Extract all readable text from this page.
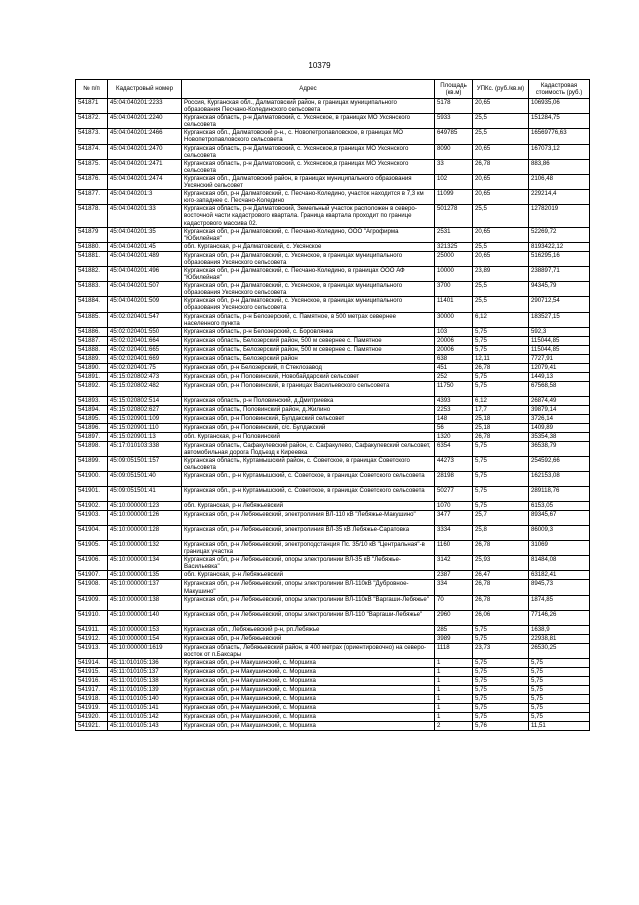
10379
№ п/п	Кадастровый номер	Адрес	Площадь (кв.м)	УПКс. (руб./кв.м)	Кадастровая стоимость (руб.)
541871	45:04:040201:2233	Россия, Курганская обл., Далматовский район, в границах муниципального образования Песчано-Колединского сельсовета	5178	20,65	106935,06
541872.	45:04:040201:2240	Курганская область, р-н Далматовский, с. Уксянское, в границах МО Уксянского сельсовета	5933	25,5	151284,75
541873.	45:04:040201:2466	Курганская обл., Далматовский р-н., с. Новопетропавловское, в границах МО Новопетропавловского сельсовета	649785	25,5	16569776,63
541874.	45:04:040201:2470	Курганская область, р-н Далматовский, с. Уксянское,в границах МО Уксянского сельсовета	8090	20,65	167073,12
541875.	45:04:040201:2471	Курганская область, р-н Далматовский, с. Уксянское,в границах МО Уксянского сельсовета	33	26,78	883,86
541876.	45:04:040201:2474	Курганская обл., Далматовский район, в границах муниципального образования Уксянский сельсовет	102	20,65	2106,48
541877.	45:04:040201:3	Курганская обл, р-н Далматовский, с. Песчано-Коледино, участок находится в 7,3 км юго-западнее с. Песчано-Коледино	11099	20,65	229214,4
541878.	45:04:040201:33	Курганская область, р-н Далматовский, Земельный участок расположен в северо-восточной части кадастрового квартала. Граница квартала проходит по границе кадастрового массива 02.	501278	25,5	12782019
541879	45:04:040201:35	Курганская обл, р-н Далматовский, с. Песчано-Коледино, ООО "Агрофирма "Юбилейная"	2531	20,65	52269,72
541880.	45:04:040201:45	обл. Курганская, р-н Далматовский, с. Уксянское	321325	25,5	8193422,12
541881.	45:04:040201:489	Курганская обл, р-н Далматовский, с. Уксянское, в границах муниципального образования Уксянского сельсовета	25000	20,65	516295,16
541882.	45:04:040201:496	Курганская обл, р-н Далматовский, с. Песчано-Коледино, в границах ООО АФ "Юбилейная"	10000	23,89	238897,71
541883.	45:04:040201:507	Курганская обл, р-н Далматовский, с. Уксянское, в границах муниципального образования Уксянского сельсовета	3700	25,5	94345,79
541884.	45:04:040201:509	Курганская обл, р-н Далматовский, с. Уксянское, в границах муниципального образования Уксянского сельсовета	11401	25,5	290712,54
541885.	45:02:020401:547	Курганская область, р-н Белозерский, с. Памятное, в 500 метрах севернее населенного пункта	30000	6,12	183527,15
541886.	45:02:020401:550	Курганская область, р-н Белозерский, с. Боровлянка	103	5,75	592,3
541887.	45:02:020401:664	Курганская область, Белозерский район, 500 м севернее с. Памятное	20006	5,75	115044,85
541888.	45:02:020401:665	Курганская область, Белозерский район, 500 м севернее с. Памятное	20006	5,75	115044,85
541889.	45:02:020401:669	Курганская область, Белозерский район	638	12,11	7727,91
541890.	45:02:020401:75	Курганская обл, р-н Белозерский, п Стеклозавод	451	26,78	12079,41
541891.	45:15:020802:473	Курганская обл, р-н Половинский, Новобайдарский сельсовет	252	5,75	1449,13
541892.	45:15:020802:482	Курганская обл, р-н Половинский, в границах Васильевского сельсовета	11750	5,75	67568,58
541893.	45:15:020802:514	Курганская область, р-н Половинский, д.Дмитриевка	4393	6,12	26874,49
541894.	45:15:020802:627	Курганская область, Половинский район, д.Жилино	2253	17,7	39879,14
541895.	45:15:020901:109	Курганская обл, р-н Половинский, Булдакский сельсовет	148	25,18	3726,14
541896.	45:15:020901:110	Курганская обл, р-н Половинский, с/с. Булдакский	56	25,18	1409,89
541897.	45:15:020901:13	обл. Курганская, р-н Половинский	1320	26,78	35354,38
541898.	45:17:010103:338	Курганская область, Сафакулевский район, с. Сафакулево, Сафакулевский сельсовет, автомобильная дорога Подъезд к Киреевка	6354	5,75	36538,79
541899.	45:09:051501:157	Курганская область, Куртамышский район, с. Советское, в границах Советского сельсовета	44273	5,75	254592,66
541900.	45:09:051501:40	Курганская обл., р-н Куртамышский, с. Советское, в границах Советского сельсовета	28198	5,75	162153,08
541901.	45:09:051501:41	Курганская обл., р-н Куртамышский, с. Советское, в границах Советского сельсовета	50277	5,75	289118,76
541902.	45:10:000000:123	обл. Курганская, р-н Лебяжьевский	1070	5,75	6153,05
541903.	45:10:000000:126	Курганская обл, р-н Лебяжьевский, электролиния ВЛ-110 кВ "Лебяжье-Макушино"	3477	25,7	89345,67
541904.	45:10:000000:128	Курганская обл, р-н Лебяжьевский, электролиния ВЛ-35 кВ Лебяжье-Саратовка	3334	25,8	86009,3
541905.	45:10:000000:132	Курганская обл, р-н Лебяжьевский, электроподстанция Пс. 35/10 кВ "Центральная"-в границах участка	1160	26,78	31069
541906.	45:10:000000:134	Курганская обл, р-н Лебяжьевский, опоры электролинии ВЛ-35 кВ "Лебяжье-Васильевка"	3142	25,93	81484,08
541907.	45:10:000000:135	обл. Курганская, р-н Лебяжьевский	2387	26,47	63182,41
541908.	45:10:000000:137	Курганская обл, р-н Лебяжьевский, опоры электролинии ВЛ-110кВ "Дубровное-Макушино"	334	26,78	8945,73
541909.	45:10:000000:138	Курганская обл, р-н Лебяжьевский, опоры электролинии ВЛ-110кВ "Варгаши-Лебяжье"	70	26,78	1874,85
541910.	45:10:000000:140	Курганская обл, р-н Лебяжьевский, опоры электролинии ВЛ-110 "Варгаши-Лебяжье"	2960	26,06	77146,26
541911.	45:10:000000:153	Курганская обл., Лебяжьевский р-н, рп.Лебяжье	285	5,75	1638,9
541912.	45:10:000000:154	Курганская обл, р-н Лебяжьевский	3989	5,75	22938,81
541913.	45:10:000000:1619	Курганская область, Лебяжьевский район, в 400 метрах (ориентировочно) на северо-восток от п.Баксары	1118	23,73	26530,25
541914.	45:11:010105:136	Курганская обл, р-н Макушинский, с. Моршиха	1	5,75	5,75
541915.	45:11:010105:137	Курганская обл, р-н Макушинский, с. Моршиха	1	5,75	5,75
541916.	45:11:010105:138	Курганская обл, р-н Макушинский, с. Моршиха	1	5,75	5,75
541917.	45:11:010105:139	Курганская обл, р-н Макушинский, с. Моршиха	1	5,75	5,75
541918.	45:11:010105:140	Курганская обл, р-н Макушинский, с. Моршиха	1	5,75	5,75
541919.	45:11:010105:141	Курганская обл, р-н Макушинский, с. Моршиха	1	5,75	5,75
541920.	45:11:010105:142	Курганская обл, р-н Макушинский, с. Моршиха	1	5,75	5,75
541921.	45:11:010105:143	Курганская обл, р-н Макушинский, с. Моршиха	2	5,76	11,51
